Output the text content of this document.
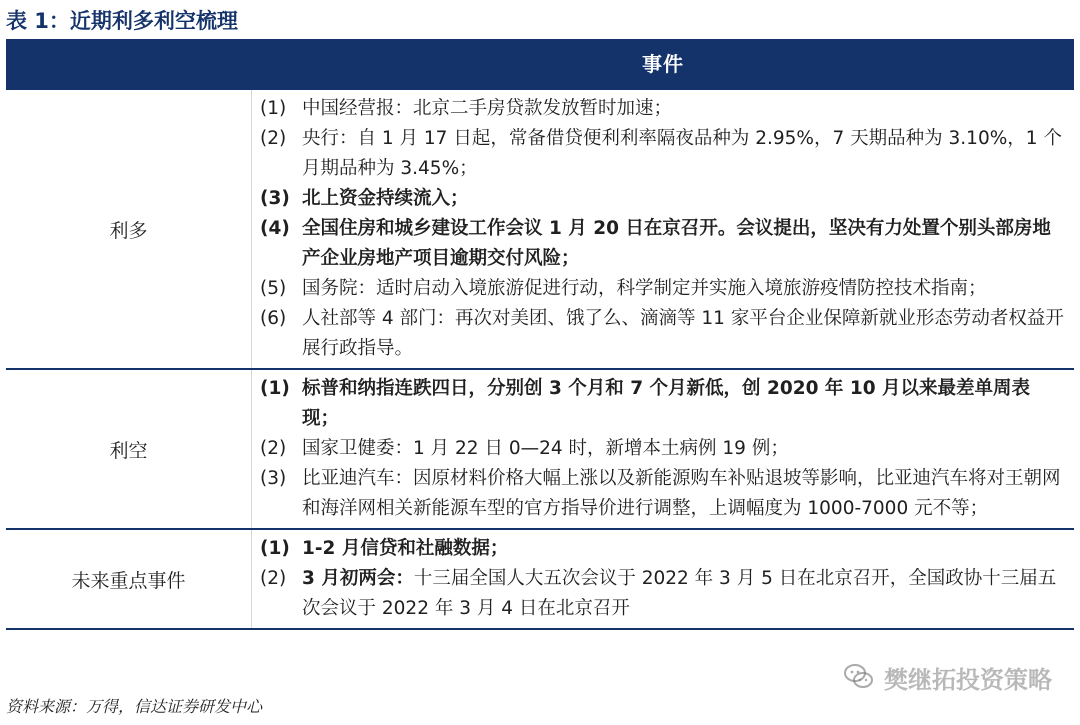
表 1：近期利多利空梳理
事件
利多
(1) 中国经营报：北京二手房贷款发放暂时加速；
(2) 央行：自 1 月 17 日起，常备借贷便利利率隔夜品种为 2.95%，7 天期品种为 3.10%，1 个月期品种为 3.45%；
(3) 北上资金持续流入；
(4) 全国住房和城乡建设工作会议 1 月 20 日在京召开。会议提出，坚决有力处置个别头部房地产企业房地产项目逾期交付风险；
(5) 国务院：适时启动入境旅游促进行动，科学制定并实施入境旅游疫情防控技术指南；
(6) 人社部等 4 部门：再次对美团、饿了么、滴滴等 11 家平台企业保障新就业形态劳动者权益开展行政指导。
利空
(1) 标普和纳指连跌四日，分别创 3 个月和 7 个月新低，创 2020 年 10 月以来最差单周表现；
(2) 国家卫健委：1 月 22 日 0—24 时，新增本土病例 19 例；
(3) 比亚迪汽车：因原材料价格大幅上涨以及新能源购车补贴退坡等影响，比亚迪汽车将对王朝网和海洋网相关新能源车型的官方指导价进行调整，上调幅度为 1000-7000 元不等；
未来重点事件
(1) 1-2 月信贷和社融数据；
(2) 3 月初两会：十三届全国人大五次会议于 2022 年 3 月 5 日在北京召开，全国政协十三届五次会议于 2022 年 3 月 4 日在北京召开
樊继拓投资策略
资料来源：万得，信达证券研发中心
